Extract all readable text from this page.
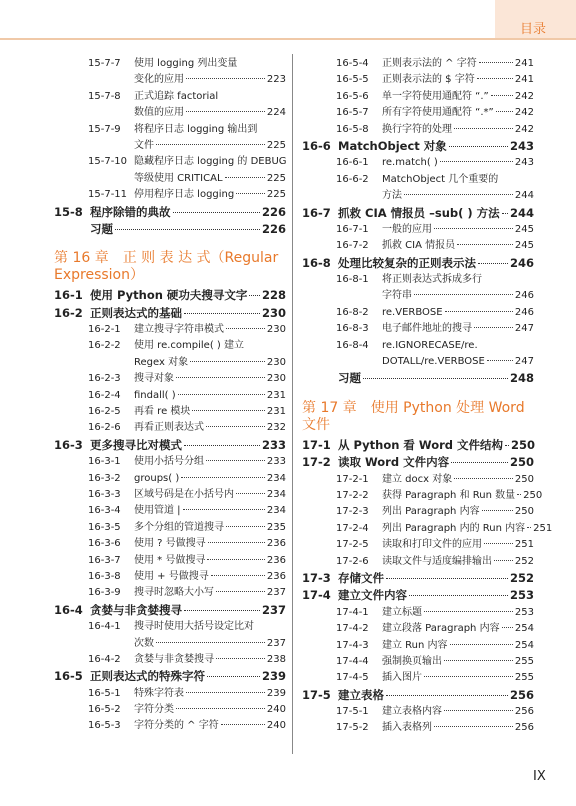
目录
15-7-7	使用 logging 列出变量
变化的应用	223
15-7-8	正式追踪 factorial
数值的应用	224
15-7-9	将程序日志 logging 输出到
文件	225
15-7-10 隐藏程序日志 logging 的 DEBUG
等级使用 CRITICAL	225
15-7-11 停用程序日志 logging	225
15-8 程序除错的典故	226
习题	226
第 16 章 正 则 表 达 式（Regular Expression）
16-1 使用 Python 硬功夫搜寻文字 228
16-2 正则表达式的基础	230
16-2-1	建立搜寻字符串模式	230
16-2-2	使用 re.compile( ) 建立
Regex 对象	230
16-2-3	搜寻对象	230
16-2-4	findall( )	231
16-2-5	再看 re 模块	231
16-2-6	再看正则表达式	232
16-3 更多搜寻比对模式	233
16-3-1	使用小括号分组	233
16-3-2	groups( )	234
16-3-3	区域号码是在小括号内	234
16-3-4	使用管道 |	234
16-3-5	多个分组的管道搜寻	235
16-3-6	使用 ? 号做搜寻	236
16-3-7	使用 * 号做搜寻	236
16-3-8	使用 + 号做搜寻	236
16-3-9	搜寻时忽略大小写	237
16-4 贪婪与非贪婪搜寻	237
16-4-1	搜寻时使用大括号设定比对
次数	237
16-4-2	贪婪与非贪婪搜寻	238
16-5 正则表达式的特殊字符	239
16-5-1	特殊字符表	239
16-5-2	字符分类	240
16-5-3	字符分类的 ^ 字符	240
16-5-4	正则表示法的 ^ 字符	241
16-5-5	正则表示法的 $ 字符	241
16-5-6	单一字符使用通配符 “.”	242
16-5-7	所有字符使用通配符 “.*” 242
16-5-8	换行字符的处理	242
16-6 MatchObject 对象	243
16-6-1	re.match( )	243
16-6-2	MatchObject 几个重要的
方法	244
16-7 抓救 CIA 情报员 –sub( ) 方法 244
16-7-1	一般的应用	245
16-7-2	抓救 CIA 情报员	245
16-8 处理比较复杂的正则表示法	246
16-8-1	将正则表达式拆成多行
字符串	246
16-8-2	re.VERBOSE	246
16-8-3	电子邮件地址的搜寻	247
16-8-4	re.IGNORECASE/re.
DOTALL/re.VERBOSE	247
习题	248
第 17 章 使用 Python 处理 Word 文件
17-1 从 Python 看 Word 文件结构 250
17-2 读取 Word 文件内容	250
17-2-1	建立 docx 对象	250
17-2-2	获得 Paragraph 和 Run 数量 250
17-2-3	列出 Paragraph 内容	250
17-2-4	列出 Paragraph 内的 Run 内容 251
17-2-5	读取和打印文件的应用	251
17-2-6	读取文件与适度编排输出 252
17-3 存储文件	252
17-4 建立文件内容	253
17-4-1	建立标题	253
17-4-2	建立段落 Paragraph 内容 254
17-4-3	建立 Run 内容	254
17-4-4	强制换页输出	255
17-4-5	插入图片	255
17-5 建立表格	256
17-5-1	建立表格内容	256
17-5-2	插入表格列	256
IX
